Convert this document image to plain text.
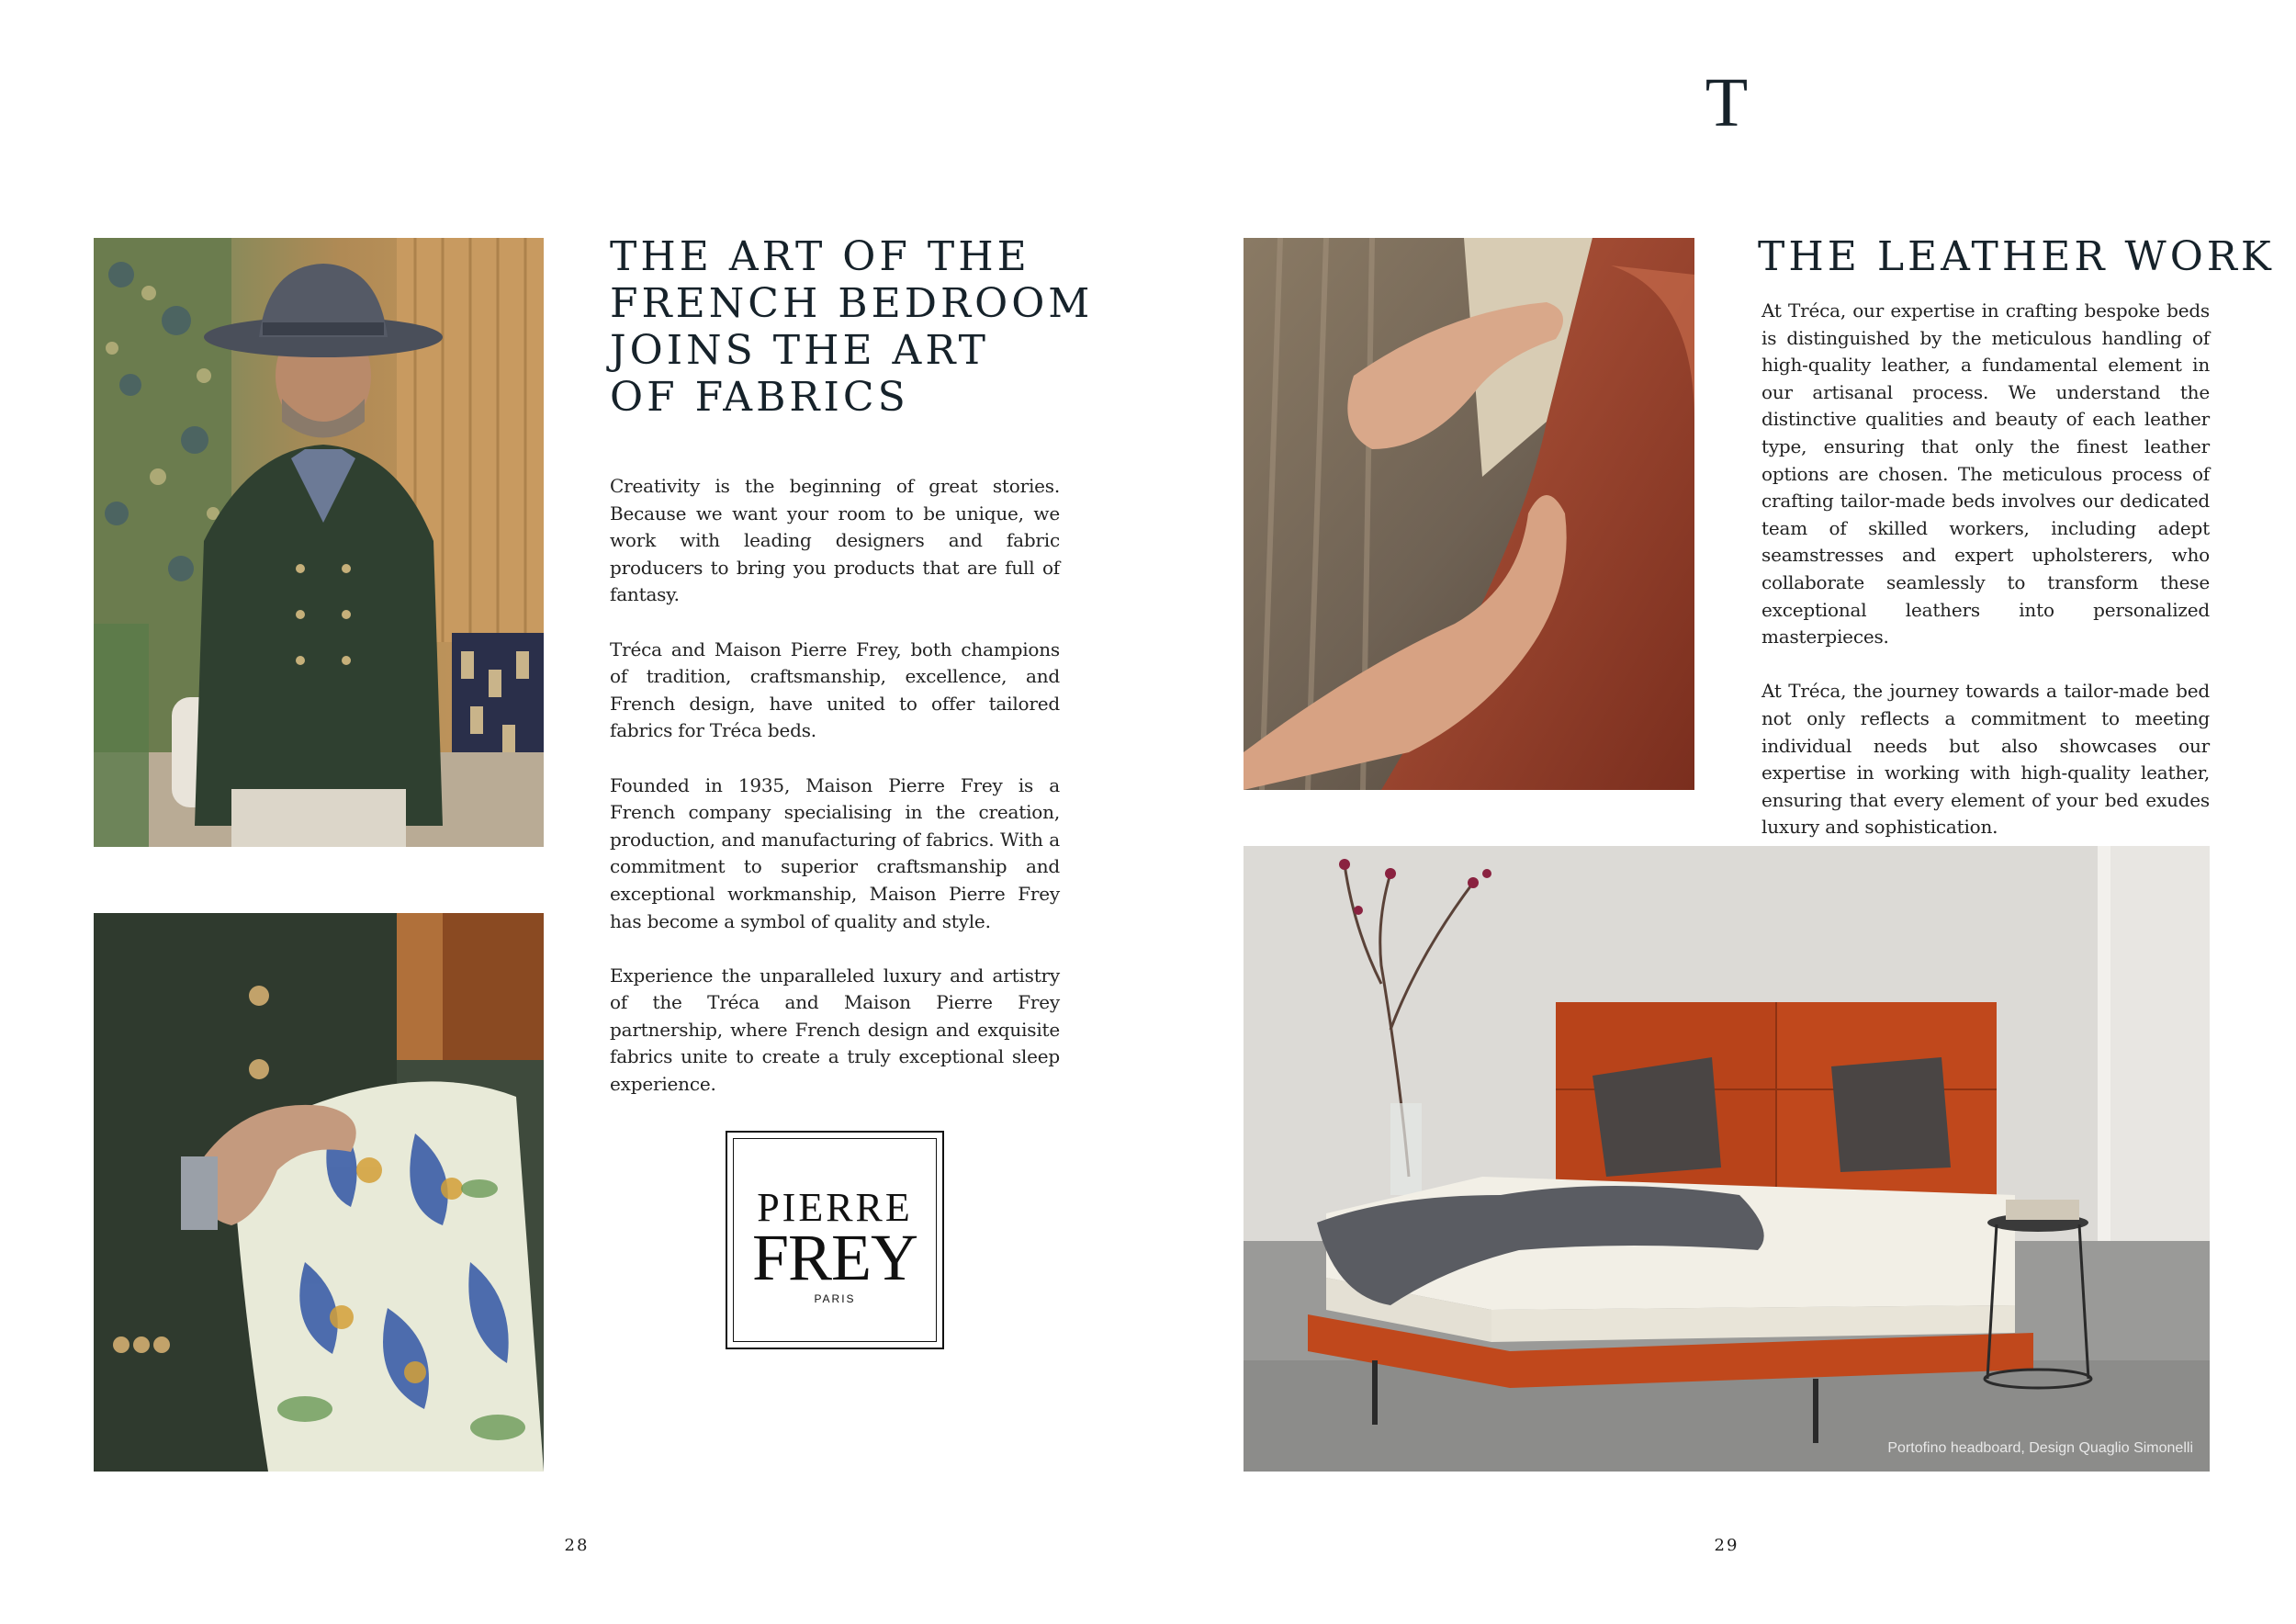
THE ART OF THE
FRENCH BEDROOM
JOINS THE ART
OF FABRICS

Creativity is the beginning of great stories. Because we want your room to be unique, we work with leading designers and fabric producers to bring you products that are full of fantasy.

Tréca and Maison Pierre Frey, both champions of tradition, craftsmanship, excellence, and French design, have united to offer tailored fabrics for Tréca beds.

Founded in 1935, Maison Pierre Frey is a French company specialising in the creation, production, and manufacturing of fabrics. With a commitment to superior craftsmanship and exceptional workmanship, Maison Pierre Frey has become a symbol of quality and style.

Experience the unparalleled luxury and artistry of the Tréca and Maison Pierre Frey partnership, where French design and exquisite fabrics unite to create a truly exceptional sleep experience.

PIERRE
FREY
PARIS
28
T
THE LEATHER WORK

At Tréca, our expertise in crafting bespoke beds is distinguished by the meticulous handling of high-quality leather, a fundamental element in our artisanal process. We understand the distinctive qualities and beauty of each leather type, ensuring that only the finest leather options are chosen. The meticulous process of crafting tailor-made beds involves our dedicated team of skilled workers, including adept seamstresses and expert upholsterers, who collaborate seamlessly to transform these exceptional leathers into personalized masterpieces.

At Tréca, the journey towards a tailor-made bed not only reflects a commitment to meeting individual needs but also showcases our expertise in working with high-quality leather, ensuring that every element of your bed exudes luxury and sophistication.

Portofino headboard, Design Quaglio Simonelli
29
